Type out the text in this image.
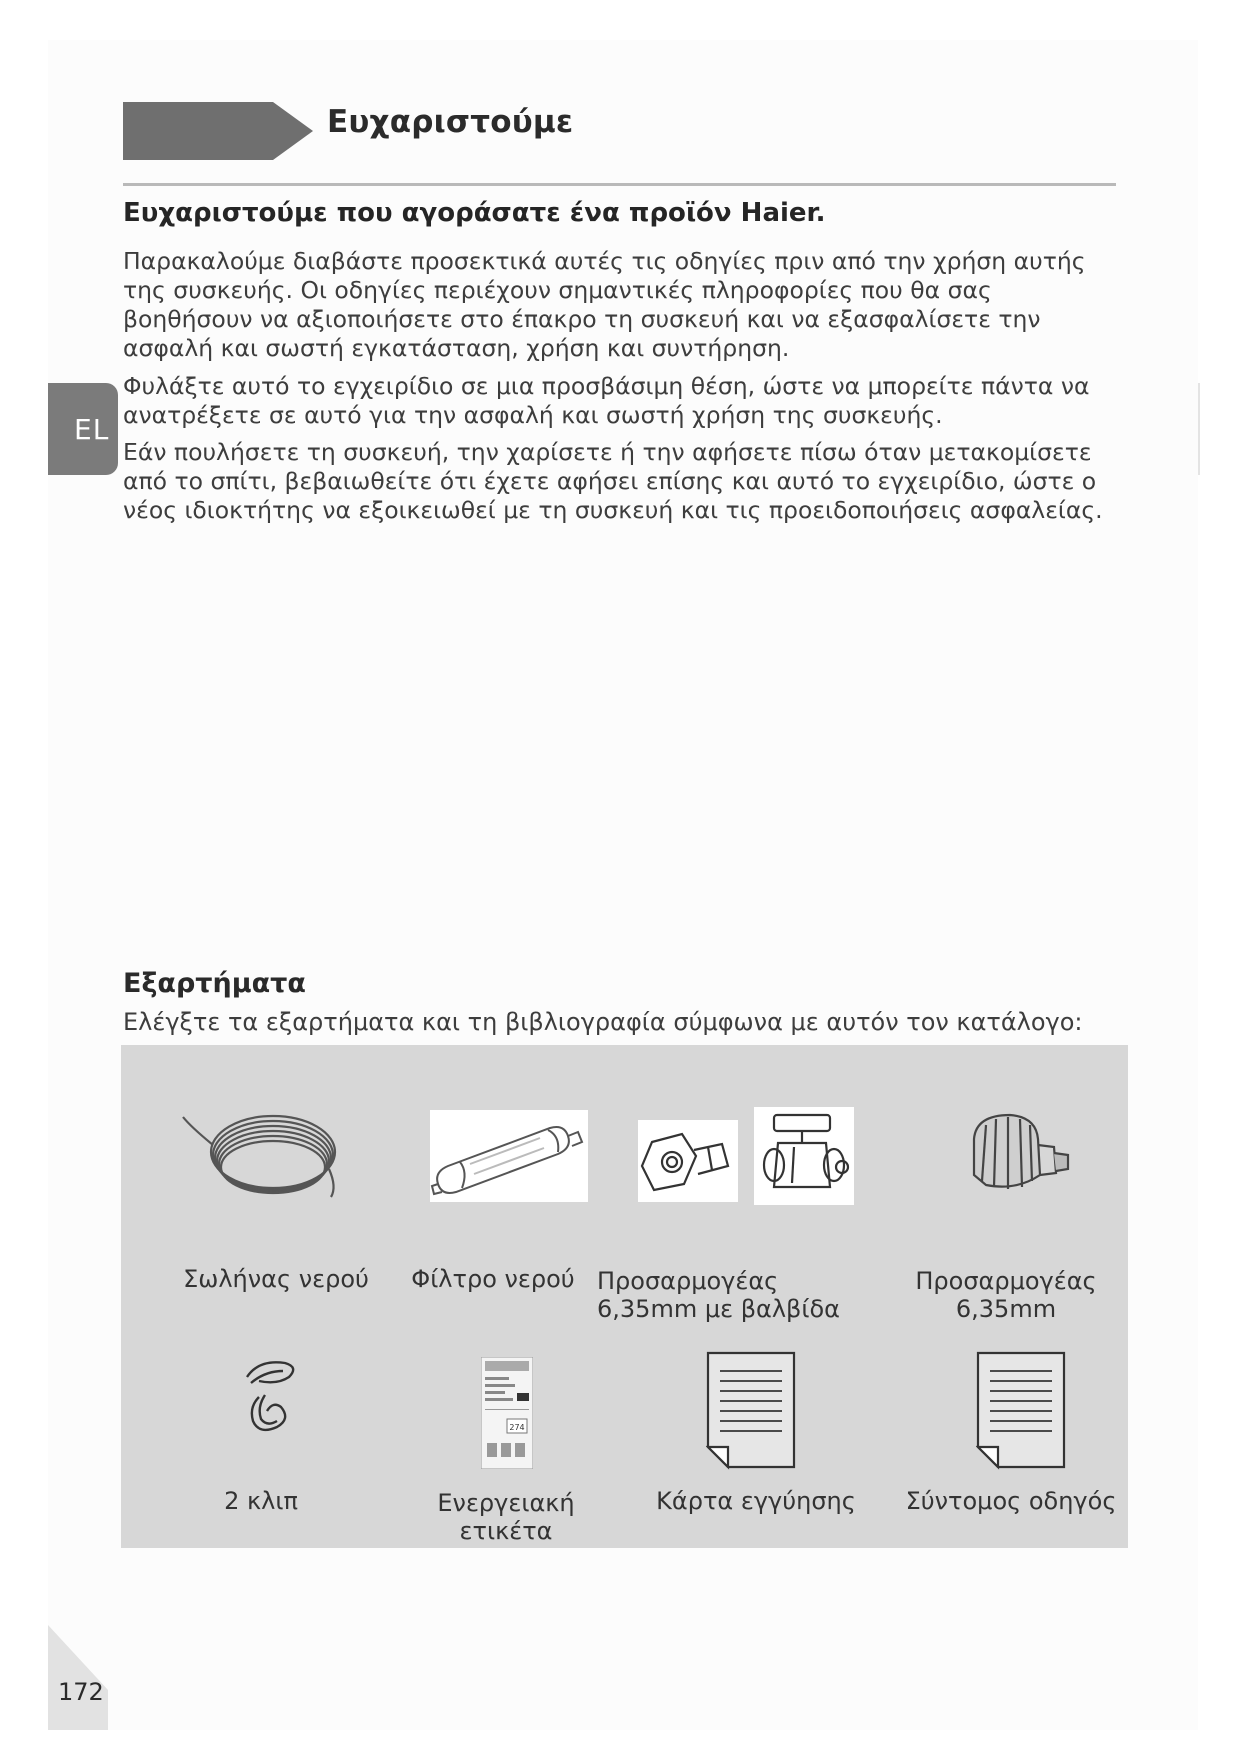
Ευχαριστούμε
Ευχαριστούμε που αγοράσατε ένα προϊόν Haier.

Παρακαλούμε διαβάστε προσεκτικά αυτές τις οδηγίες πριν από την χρήση αυτής της συσκευής. Οι οδηγίες περιέχουν σημαντικές πληροφορίες που θα σας βοηθήσουν να αξιοποιήσετε στο έπακρο τη συσκευή και να εξασφαλίσετε την ασφαλή και σωστή εγκατάσταση, χρήση και συντήρηση.

Φυλάξτε αυτό το εγχειρίδιο σε μια προσβάσιμη θέση, ώστε να μπορείτε πάντα να ανατρέξετε σε αυτό για την ασφαλή και σωστή χρήση της συσκευής.

Εάν πουλήσετε τη συσκευή, την χαρίσετε ή την αφήσετε πίσω όταν μετακομίσετε από το σπίτι, βεβαιωθείτε ότι έχετε αφήσει επίσης και αυτό το εγχειρίδιο, ώστε ο νέος ιδιοκτήτης να εξοικειωθεί με τη συσκευή και τις προειδοποιήσεις ασφαλείας.

EL
Εξαρτήματα
Ελέγξτε τα εξαρτήματα και τη βιβλιογραφία σύμφωνα με αυτόν τον κατάλογο:
Σωλήνας νερού	Φίλτρο νερού Προσαρμογέας
6,35mm με βαλβίδα
Προσαρμογέας
6,35mm
274
2 κλιπ	Ενεργειακή
ετικέτα
Κάρτα εγγύησης	Σύντομος οδηγός
172
